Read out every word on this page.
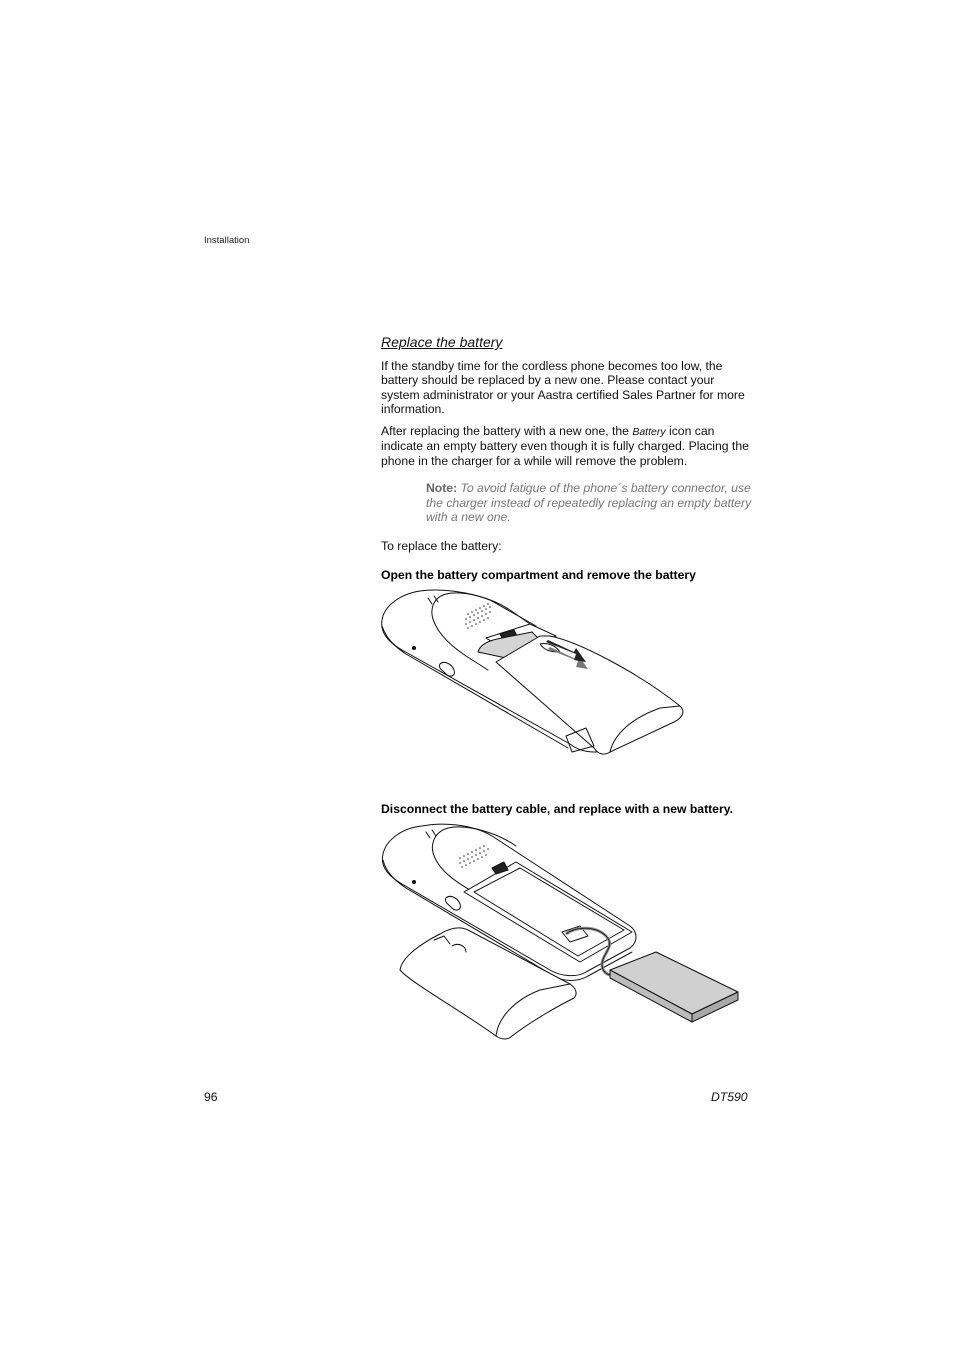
Installation
Replace the battery
If the standby time for the cordless phone becomes too low, the battery should be replaced by a new one. Please contact your system administrator or your Aastra certified Sales Partner for more information.
After replacing the battery with a new one, the Battery icon can indicate an empty battery even though it is fully charged. Placing the phone in the charger for a while will remove the problem.
Note: To avoid fatigue of the phone´s battery connector, use the charger instead of repeatedly replacing an empty battery with a new one.
To replace the battery:
Open the battery compartment and remove the battery
Disconnect the battery cable, and replace with a new battery.
96	DT590
